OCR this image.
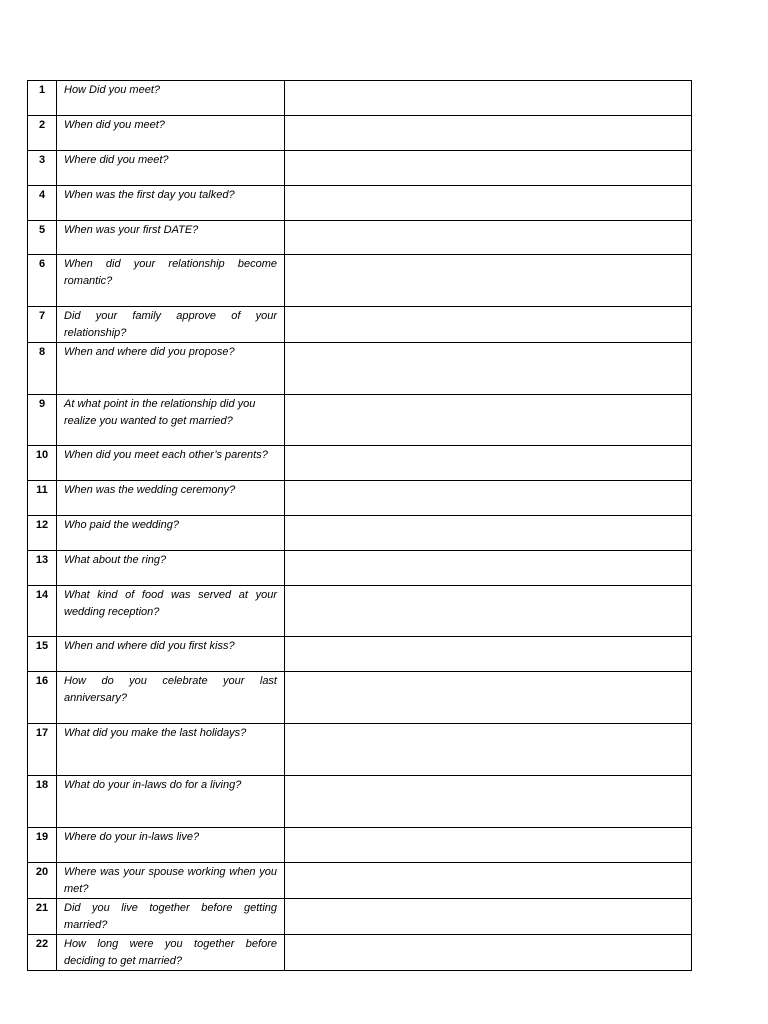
1	How Did you meet?	
2	When did you meet?	
3	Where did you meet?	
4	When was the first day you talked?	
5	When was your first DATE?	
6	When did your relationship become romantic?	
7	Did your family approve of your relationship?	
8	When and where did you propose?	
9	At what point in the relationship did you realize you wanted to get married?	
10	When did you meet each other’s parents?	
11	When was the wedding ceremony?	
12	Who paid the wedding?	
13	What about the ring?	
14	What kind of food was served at your wedding reception?	
15	When and where did you first kiss?	
16	How do you celebrate your last anniversary?	
17	What did you make the last holidays?	
18	What do your in-laws do for a living?	
19	Where do your in-laws live?	
20	Where was your spouse working when you met?	
21	Did you live together before getting married?	
22	How long were you together before deciding to get married?	
